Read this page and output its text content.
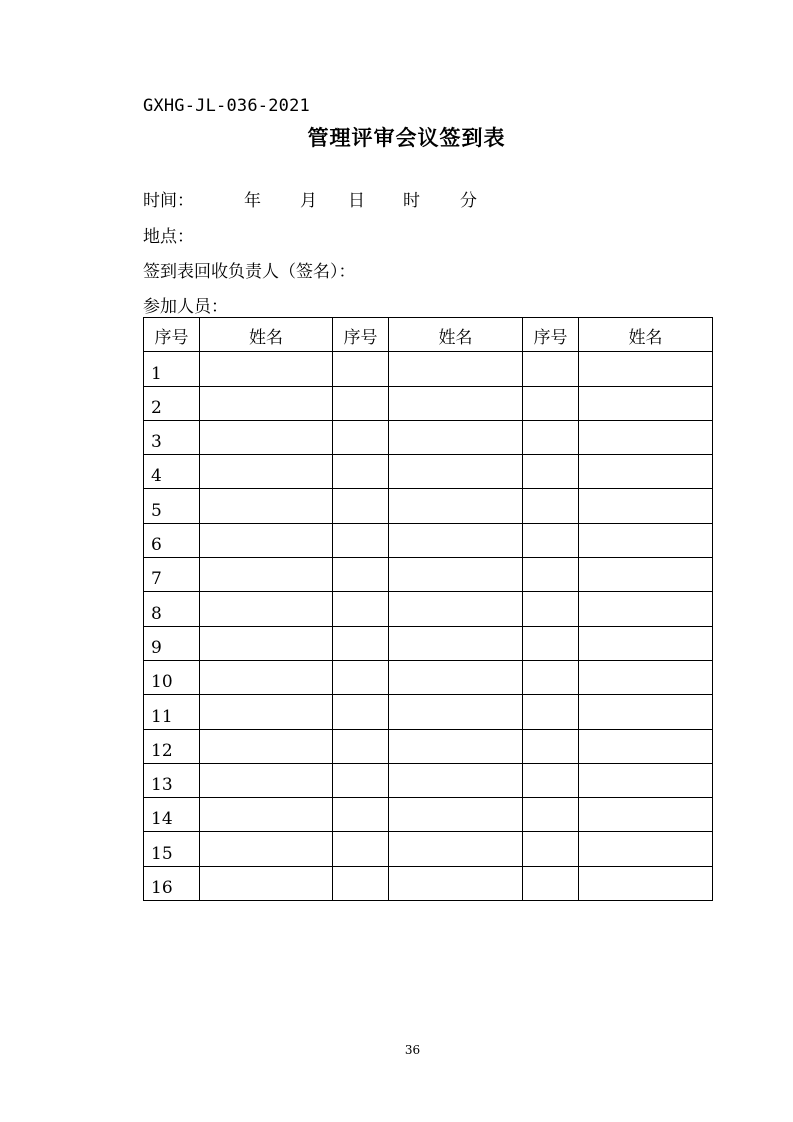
GXHG-JL-036-2021
管理评审会议签到表
时间：	年 月 日 时 分
地点：
签到表回收负责人（签名）：
参加人员：
序号	姓名	序号	姓名	序号	姓名
1					
2					
3					
4					
5					
6					
7					
8					
9					
10					
11					
12					
13					
14					
15					
16					
36
